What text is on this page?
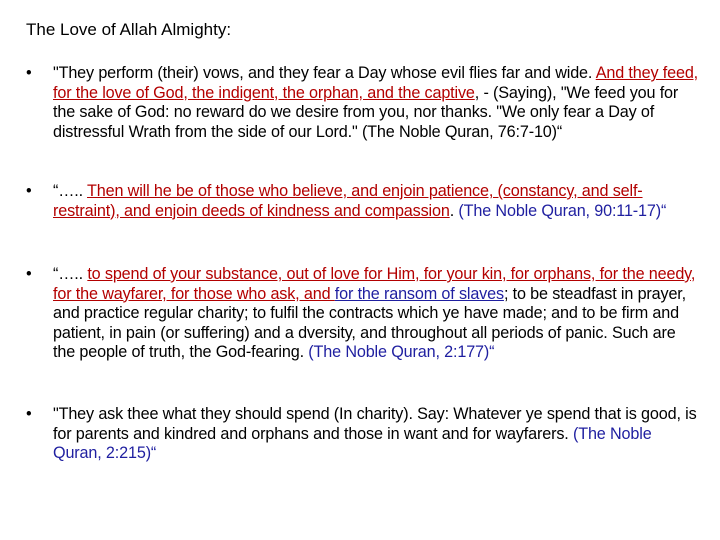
The Love of Allah Almighty:
•	"They perform (their) vows, and they fear a Day whose evil flies far and wide. And they feed, for the love of God, the indigent, the orphan, and the captive, - (Saying), "We feed you for the sake of God: no reward do we desire from you, nor thanks. "We only fear a Day of distressful Wrath from the side of our Lord." (The Noble Quran, 76:7-10)“
•	“….. Then will he be of those who believe, and enjoin patience, (constancy, and self-restraint), and enjoin deeds of kindness and compassion. (The Noble Quran, 90:11-17)“
•	“….. to spend of your substance, out of love for Him, for your kin, for orphans, for the needy, for the wayfarer, for those who ask, and for the ransom of slaves; to be steadfast in prayer, and practice regular charity; to fulfil the contracts which ye have made; and to be firm and patient, in pain (or suffering) and a dversity, and throughout all periods of panic. Such are the people of truth, the God-fearing. (The Noble Quran, 2:177)“
•	"They ask thee what they should spend (In charity). Say: Whatever ye spend that is good, is for parents and kindred and orphans and those in want and for wayfarers. (The Noble Quran, 2:215)“
